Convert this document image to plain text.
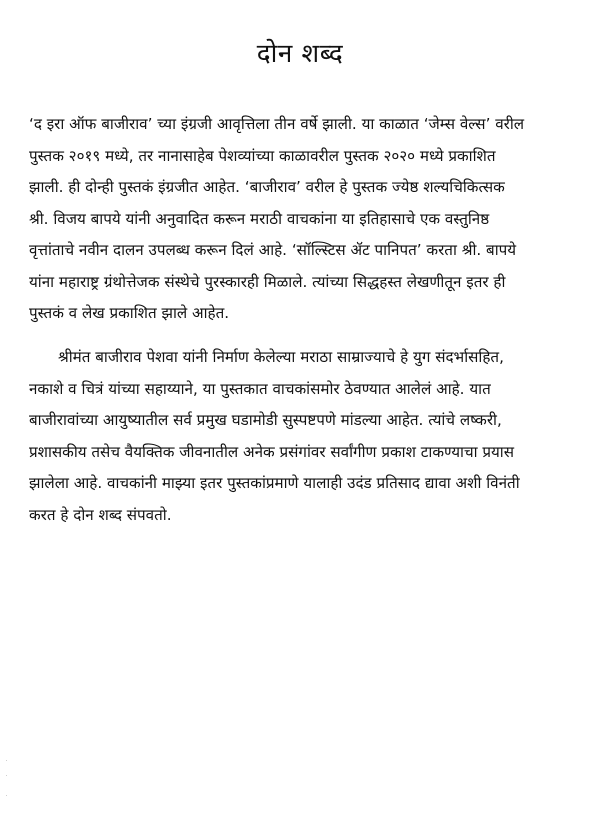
दोन शब्द
‘द इरा ऑफ बाजीराव’ च्या इंग्रजी आवृत्तिला तीन वर्षे झाली. या काळात ‘जेम्स वेल्स’ वरील
पुस्तक २०१९ मध्ये, तर नानासाहेब पेशव्यांच्या काळावरील पुस्तक २०२० मध्ये प्रकाशित
झाली. ही दोन्ही पुस्तकं इंग्रजीत आहेत. ‘बाजीराव’ वरील हे पुस्तक ज्येष्ठ शल्यचिकित्सक
श्री. विजय बापये यांनी अनुवादित करून मराठी वाचकांना या इतिहासाचे एक वस्तुनिष्ठ
वृत्तांताचे नवीन दालन उपलब्ध करून दिलं आहे. ‘सॉल्स्टिस ॲट पानिपत’ करता श्री. बापये
यांना महाराष्ट्र ग्रंथोत्तेजक संस्थेचे पुरस्कारही मिळाले. त्यांच्या सिद्धहस्त लेखणीतून इतर ही
पुस्तकं व लेख प्रकाशित झाले आहेत.
श्रीमंत बाजीराव पेशवा यांनी निर्माण केलेल्या मराठा साम्राज्याचे हे युग संदर्भासहित,
नकाशे व चित्रं यांच्या सहाय्याने, या पुस्तकात वाचकांसमोर ठेवण्यात आलेलं आहे. यात
बाजीरावांच्या आयुष्यातील सर्व प्रमुख घडामोडी सुस्पष्टपणे मांडल्या आहेत. त्यांचे लष्करी,
प्रशासकीय तसेच वैयक्तिक जीवनातील अनेक प्रसंगांवर सर्वांगीण प्रकाश टाकण्याचा प्रयास
झालेला आहे. वाचकांनी माझ्या इतर पुस्तकांप्रमाणे यालाही उदंड प्रतिसाद द्यावा अशी विनंती
करत हे दोन शब्द संपवतो.
